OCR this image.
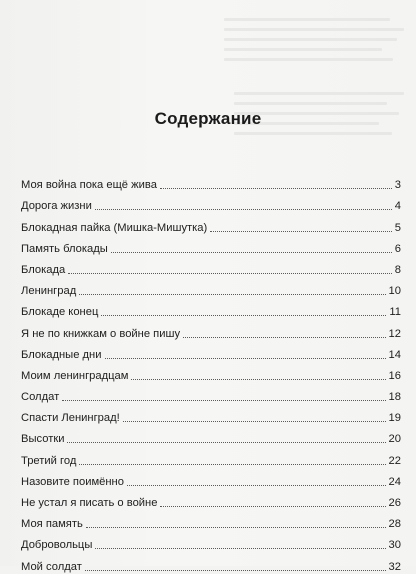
Содержание
Моя война пока ещё жива	3
Дорога жизни	4
Блокадная пайка (Мишка-Мишутка)	5
Память блокады	6
Блокада	8
Ленинград	10
Блокаде конец	11
Я не по книжкам о войне пишу	12
Блокадные дни	14
Моим ленинградцам	16
Солдат	18
Спасти Ленинград!	19
Высотки	20
Третий год	22
Назовите поимённо	24
Не устал я писать о войне	26
Моя память	28
Добровольцы	30
Мой солдат	32
